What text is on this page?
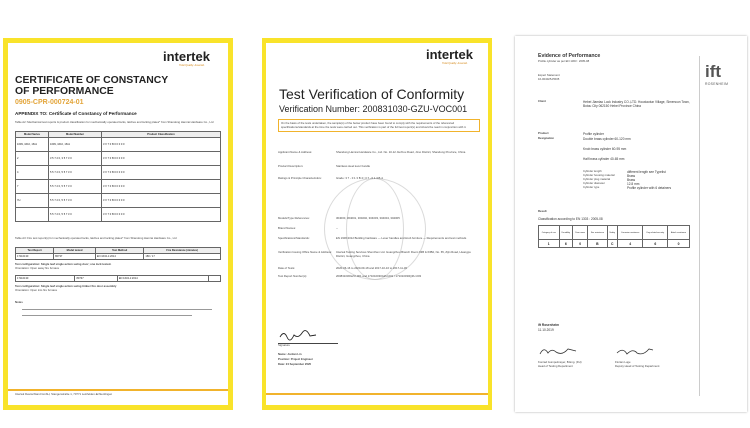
intertek
Total Quality. Assured.
CERTIFICATE OF CONSTANCY
OF PERFORMANCE
0905-CPR-000724-01
APPENDIX TO: Certificate of Constancy of Performance
Table A2: Mechanical test reports & product classification for mechanically operated locks, latches and locking plates* from Shandong Hamrai Hardware Co., Ltd
Model Series	Model Number	Product Classification
1609, 1610, 1611	1609, 1610, 1611	3 X 7 0 B 0 0 0 0 0
2	3 5 7 2 0, 3 5 7 3 0	3 X 7 0 B 0 0 0 0 0
4	5 5 7 2 0, 5 5 7 3 0	3 X 7 0 B 0 0 0 0 0
7	5 5 7 2 0, 5 5 7 3 0	3 X 7 0 B 0 0 0 0 0
7H	5 5 7 2 0, 5 5 7 3 0	3 X 7 0 B 0 0 0 0 0
	5 5 7 2 0, 5 5 7 3 0	3 X 7 0 B 0 0 0 0 0
Table A3: Fire test report(s) for mechanically operated locks, latches and locking plates* from Shandong Hamrai Hardware Co., Ltd
Test Report	Model tested	Test Method	Fire Resistance (minutes)
17110130	80737	EN 1634-1:2014	180 / 17
Test configuration: Single leaf single action swing door; one lock tested.
Orientation: Open away fire furnace
17110130	80737	EN 1634-1:2014	
Test configuration: Single leaf single action swing timber fire door assembly
Orientation: Open into fire furnace
Notes
Intertek Deutschland GmbH, Stangenstraße 1, 70771 Leinfelden-Echterdingen
intertek
Total Quality. Assured.
Test Verification of Conformity
Verification Number: 200831030-GZU-VOC001
On the basis of the tests undertaken, the sample(s) of the below product have been found to comply with the requirements of the referenced specifications/standards at the time the tests were carried out. This verification is part of the full test report(s) and should be read in conjunction with it.
Applicant Name & Address:	Shandong Hamrai Hardware Co., Ltd. No. 10-12 Jiuzhou Road, Jimo District, Shandong Province, China
Product Description:	Stainless steel lever handle
Ratings & Principle Characteristics:	Grade: 3 7 - 0 1 3 B 4 | 3 7 - 0 1 3 B 4
Models/Type References:	304000, 304001, 304002, 304003, 304004, 304005
Brand Names:	--
Specifications/Standards:	EN 1906:2012 Building hardware — Lever handles and knob furniture — Requirements and test methods
Verification Issuing Office Name & Address:	Intertek Testing Services Shenzhen Ltd. Guangzhou Branch Room 63B & 63B2, No. 65, Zijin Road, Huangpu District, Guangzhou, China
Date of Tests:	2020-06-16 to 2020-09-18 and 2017-10-10 to 2017-11-30
Test Report Number(s):	200831030GZU-001 and 171010030GZU-001 / 171010030QZU-003
Signature
Name: Jordan Lin
Position: Project Engineer
Date: 24 September 2020
Evidence of Performance
Profile cylinder as per EN 1303 : 2005-08
ift
ROSENHEIM
Expert Statement
16-004025-PR05
Client	Hebei Jiamiao Lock Industry CO.,LTD. Houxiaotun Village, Simencun Town, Botou City 062150 Hebei Province China
Product	Profile cylinder
Designation	Double brass cylinder 60-120 mm
Knob brass cylinder 60-95 mm
Half brass cylinder 40-65 mm
Cylinder length	different length see Typelist
Cylinder housing material	Brass
Cylinder plug material	Brass
Cylinder diameter	12.8 mm
Cylinder type	Profile cylinder with 6 detainers
Result
Classification according to EN 1303 : 2005-08
Category of use	Durability	Door mass	Fire resistance	Safety	Corrosion resistance	Key related security	Attack resistance
1	6	0	B	C	4	6	0
ift Rosenheim
11.10.2019
Konrad Gumpelmayer, B.Eng. (FH)
Head of Testing Department
Florian Luge
Deputy Head of Testing Department
